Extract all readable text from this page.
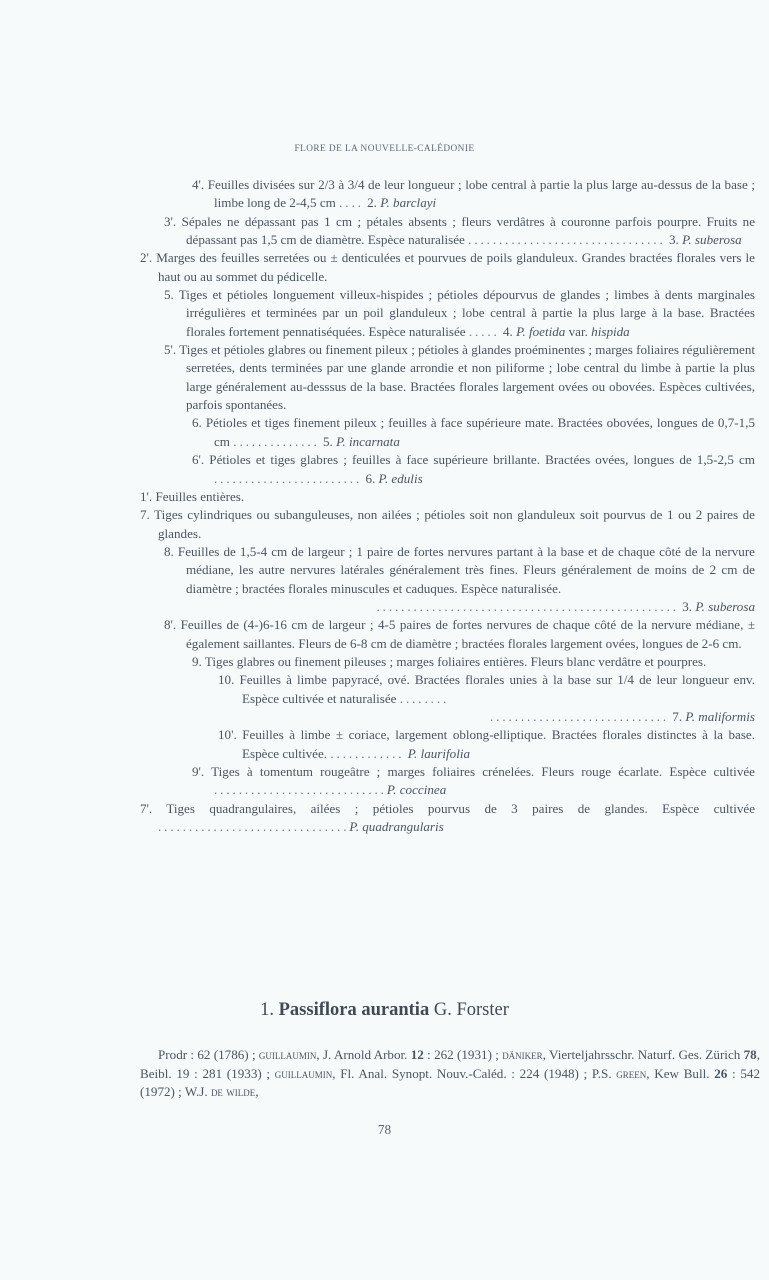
FLORE DE LA NOUVELLE-CALÉDONIE

4'. Feuilles divisées sur 2/3 à 3/4 de leur longueur ; lobe central à partie la plus large au-dessus de la base ; limbe long de 2-4,5 cm .... 2. P. barclayi

3'. Sépales ne dépassant pas 1 cm ; pétales absents ; fleurs verdâtres à couronne parfois pourpre. Fruits ne dépassant pas 1,5 cm de diamètre. Espèce naturalisée ................................ 3. P. suberosa

2'. Marges des feuilles serretées ou ± denticulées et pourvues de poils glanduleux. Grandes bractées florales vers le haut ou au sommet du pédicelle.

5. Tiges et pétioles longuement villeux-hispides ; pétioles dépourvus de glandes ; limbes à dents marginales irrégulières et terminées par un poil glanduleux ; lobe central à partie la plus large à la base. Bractées florales fortement pennatiséquées. Espèce naturalisée ..... 4. P. foetida var. hispida

5'. Tiges et pétioles glabres ou finement pileux ; pétioles à glandes proéminentes ; marges foliaires régulièrement serretées, dents terminées par une glande arrondie et non piliforme ; lobe central du limbe à partie la plus large généralement au-desssus de la base. Bractées florales largement ovées ou obovées. Espèces cultivées, parfois spontanées.

6. Pétioles et tiges finement pileux ; feuilles à face supérieure mate. Bractées obovées, longues de 0,7-1,5 cm .............. 5. P. incarnata

6'. Pétioles et tiges glabres ; feuilles à face supérieure brillante. Bractées ovées, longues de 1,5-2,5 cm ........................ 6. P. edulis

1'. Feuilles entières.

7. Tiges cylindriques ou subanguleuses, non ailées ; pétioles soit non glanduleux soit pourvus de 1 ou 2 paires de glandes.

8. Feuilles de 1,5-4 cm de largeur ; 1 paire de fortes nervures partant à la base et de chaque côté de la nervure médiane, les autre nervures latérales généralement très fines. Fleurs généralement de moins de 2 cm de diamètre ; bractées florales minuscules et caduques. Espèce naturalisée.

................................................. 3. P. suberosa

8'. Feuilles de (4-)6-16 cm de largeur ; 4-5 paires de fortes nervures de chaque côté de la nervure médiane, ± également saillantes. Fleurs de 6-8 cm de diamètre ; bractées florales largement ovées, longues de 2-6 cm.

9. Tiges glabres ou finement pileuses ; marges foliaires entières. Fleurs blanc verdâtre et pourpres.

10. Feuilles à limbe papyracé, ové. Bractées florales unies à la base sur 1/4 de leur longueur env. Espèce cultivée et naturalisée ........

............................. 7. P. maliformis

10'. Feuilles à limbe ± coriace, largement oblong-elliptique. Bractées florales distinctes à la base. Espèce cultivée. ............ P. laurifolia

9'. Tiges à tomentum rougeâtre ; marges foliaires crénelées. Fleurs rouge écarlate. Espèce cultivée ............................P. coccinea

7'. Tiges quadrangulaires, ailées ; pétioles pourvus de 3 paires de glandes. Espèce cultivée ...............................P. quadrangularis

1. Passiflora aurantia G. Forster
Prodr : 62 (1786) ; guillaumin, J. Arnold Arbor. 12 : 262 (1931) ; däniker, Vierteljahrsschr. Naturf. Ges. Zürich 78, Beibl. 19 : 281 (1933) ; guillaumin, Fl. Anal. Synopt. Nouv.-Caléd. : 224 (1948) ; P.S. green, Kew Bull. 26 : 542 (1972) ; W.J. de wilde,
78
